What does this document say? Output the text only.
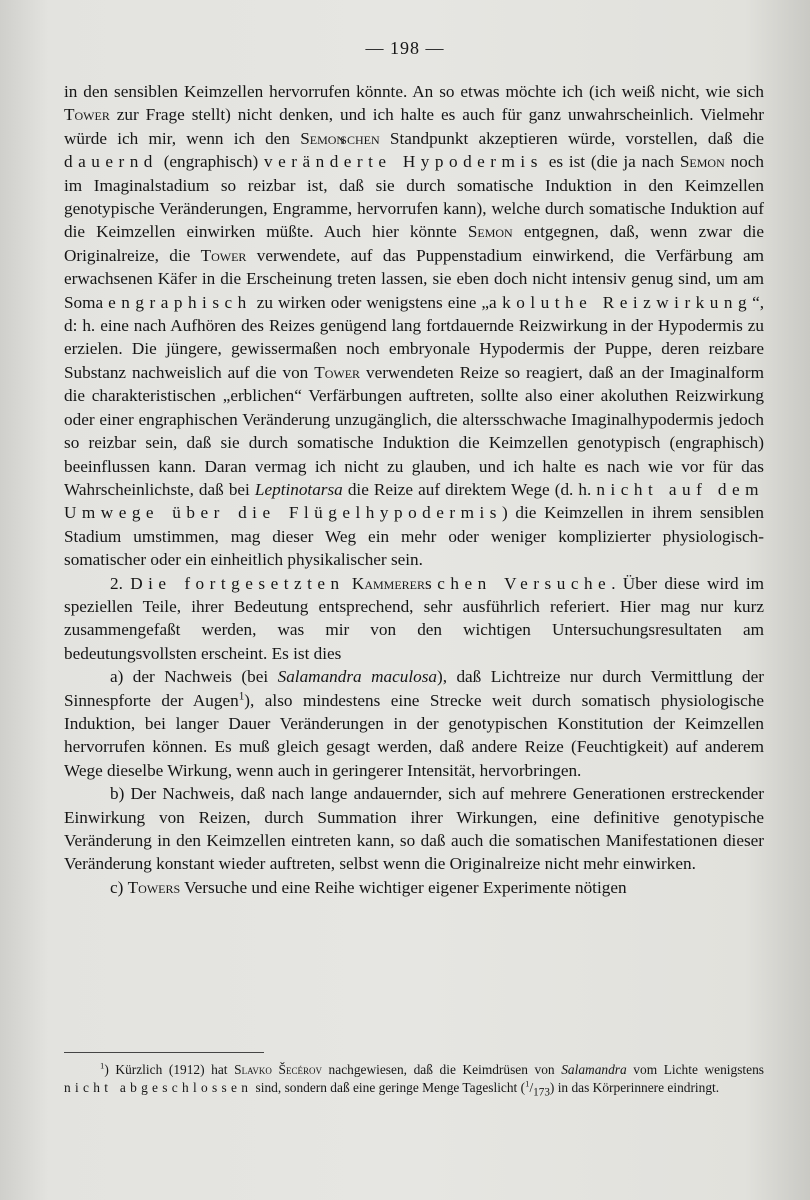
— 198 —

in den sensiblen Keimzellen hervorrufen könnte. An so etwas möchte ich (ich weiß nicht, wie sich Tower zur Frage stellt) nicht denken, und ich halte es auch für ganz unwahrscheinlich. Vielmehr würde ich mir, wenn ich den Semonschen Standpunkt akzeptieren würde, vorstellen, daß die dauernd (engraphisch) veränderte Hypodermis es ist (die ja nach Semon noch im Imaginalstadium so reizbar ist, daß sie durch somatische Induktion in den Keimzellen genotypische Veränderungen, Engramme, hervorrufen kann), welche durch somatische Induktion auf die Keimzellen einwirken müßte. Auch hier könnte Semon entgegnen, daß, wenn zwar die Originalreize, die Tower verwendete, auf das Puppenstadium einwirkend, die Verfärbung am erwachsenen Käfer in die Erscheinung treten lassen, sie eben doch nicht intensiv genug sind, um am Soma engraphisch zu wirken oder wenigstens eine „akoluthe Reizwirkung“, d: h. eine nach Aufhören des Reizes genügend lang fortdauernde Reizwirkung in der Hypodermis zu erzielen. Die jüngere, gewissermaßen noch embryonale Hypodermis der Puppe, deren reizbare Substanz nachweislich auf die von Tower verwendeten Reize so reagiert, daß an der Imaginalform die charakteristischen „erblichen“ Verfärbungen auftreten, sollte also einer akoluthen Reizwirkung oder einer engraphischen Veränderung unzugänglich, die altersschwache Imaginalhypodermis jedoch so reizbar sein, daß sie durch somatische Induktion die Keimzellen genotypisch (engraphisch) beeinflussen kann. Daran vermag ich nicht zu glauben, und ich halte es nach wie vor für das Wahrscheinlichste, daß bei Leptinotarsa die Reize auf direktem Wege (d. h. nicht auf dem Umwege über die Flügelhypodermis) die Keimzellen in ihrem sensiblen Stadium umstimmen, mag dieser Weg ein mehr oder weniger komplizierter physiologisch-somatischer oder ein einheitlich physikalischer sein.

2. Die fortgesetzten Kammererschen Versuche. Über diese wird im speziellen Teile, ihrer Bedeutung entsprechend, sehr ausführlich referiert. Hier mag nur kurz zusammengefaßt werden, was mir von den wichtigen Untersuchungsresultaten am bedeutungsvollsten erscheint. Es ist dies

a) der Nachweis (bei Salamandra maculosa), daß Lichtreize nur durch Vermittlung der Sinnespforte der Augen$^1$), also mindestens eine Strecke weit durch somatisch physiologische Induktion, bei langer Dauer Veränderungen in der genotypischen Konstitution der Keimzellen hervorrufen können. Es muß gleich gesagt werden, daß andere Reize (Feuchtigkeit) auf anderem Wege dieselbe Wirkung, wenn auch in geringerer Intensität, hervorbringen.

b) Der Nachweis, daß nach lange andauernder, sich auf mehrere Generationen erstreckender Einwirkung von Reizen, durch Summation ihrer Wirkungen, eine definitive genotypische Veränderung in den Keimzellen eintreten kann, so daß auch die somatischen Manifestationen dieser Veränderung konstant wieder auftreten, selbst wenn die Originalreize nicht mehr einwirken.

c) Towers Versuche und eine Reihe wichtiger eigener Experimente nötigen

$^1$) Kürzlich (1912) hat Slavko Šecérov nachgewiesen, daß die Keimdrüsen von Salamandra vom Lichte wenigstens nicht abgeschlossen sind, sondern daß eine geringe Menge Tageslicht $(^1/_{173})$ in das Körperinnere eindringt.
